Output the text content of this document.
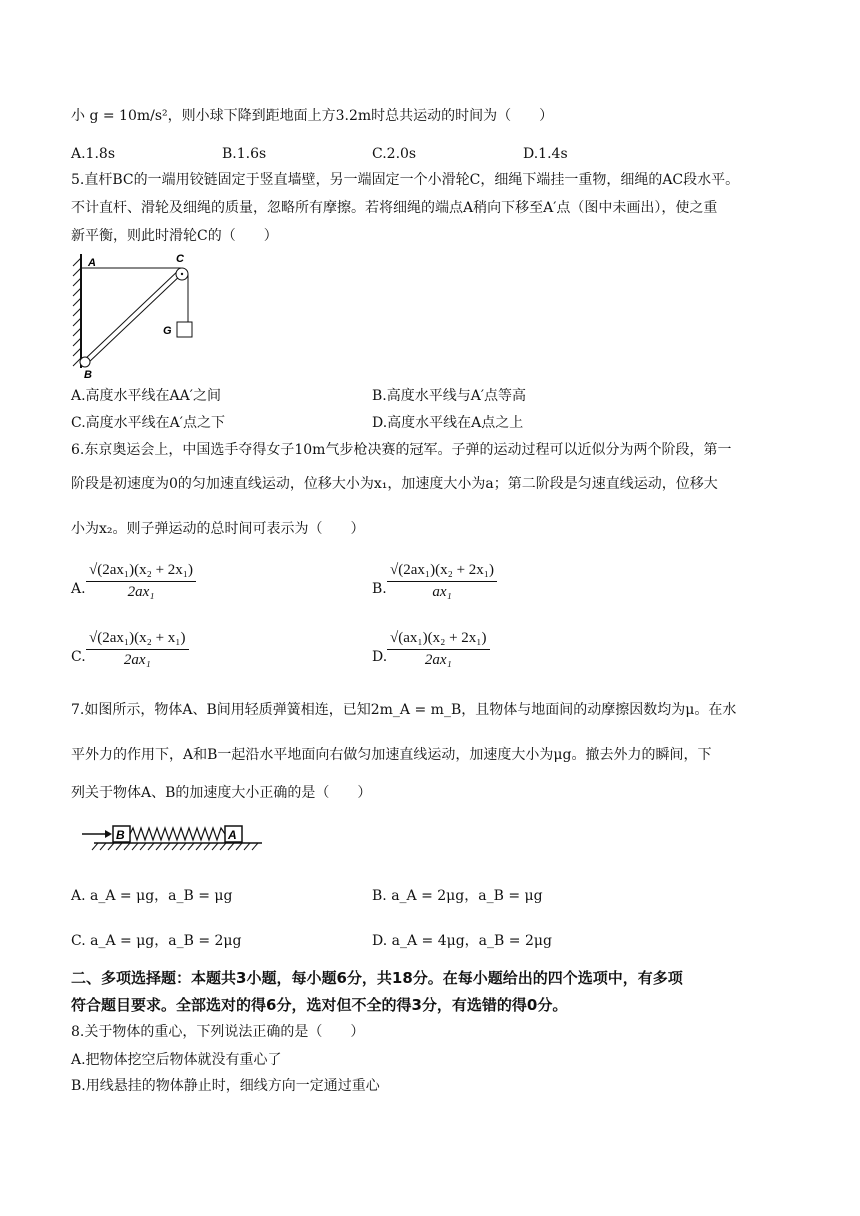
小 g = 10m/s²，则小球下降到距地面上方3.2m时总共运动的时间为（　　）
A.1.8s	B.1.6s	C.2.0s	D.1.4s
5.直杆BC的一端用铰链固定于竖直墙壁，另一端固定一个小滑轮C，细绳下端挂一重物，细绳的AC段水平。
不计直杆、滑轮及细绳的质量，忽略所有摩擦。若将细绳的端点A稍向下移至A′点（图中未画出），使之重
新平衡，则此时滑轮C的（　　）
A	C
G
B
A.高度水平线在AA′之间	B.高度水平线与A′点等高
C.高度水平线在A′点之下	D.高度水平线在A点之上
6.东京奥运会上，中国选手夺得女子10m气步枪决赛的冠军。子弹的运动过程可以近似分为两个阶段，第一
阶段是初速度为0的匀加速直线运动，位移大小为x₁，加速度大小为a；第二阶段是匀速直线运动，位移大
小为x₂。则子弹运动的总时间可表示为（　　）
A. $\frac{\text{√(2ax₁)(x₂ + 2x₁)}}{\text{2ax₁}}$	B. $\frac{\text{√(2ax₁)(x₂ + 2x₁)}}{\text{ax₁}}$
C. $\frac{\text{√(2ax₁)(x₂ + x₁)}}{\text{2ax₁}}$	D. $\frac{\text{√(ax₁)(x₂ + 2x₁)}}{\text{2ax₁}}$
7.如图所示，物体A、B间用轻质弹簧相连，已知2m_A = m_B，且物体与地面间的动摩擦因数均为μ。在水
平外力的作用下，A和B一起沿水平地面向右做匀加速直线运动，加速度大小为μg。撤去外力的瞬间，下
列关于物体A、B的加速度大小正确的是（　　）
B	A
A. a_A = μg，a_B = μg	B. a_A = 2μg，a_B = μg
C. a_A = μg，a_B = 2μg	D. a_A = 4μg，a_B = 2μg
二、多项选择题：本题共3小题，每小题6分，共18分。在每小题给出的四个选项中，有多项
符合题目要求。全部选对的得6分，选对但不全的得3分，有选错的得0分。
8.关于物体的重心，下列说法正确的是（　　）
A.把物体挖空后物体就没有重心了
B.用线悬挂的物体静止时，细线方向一定通过重心
